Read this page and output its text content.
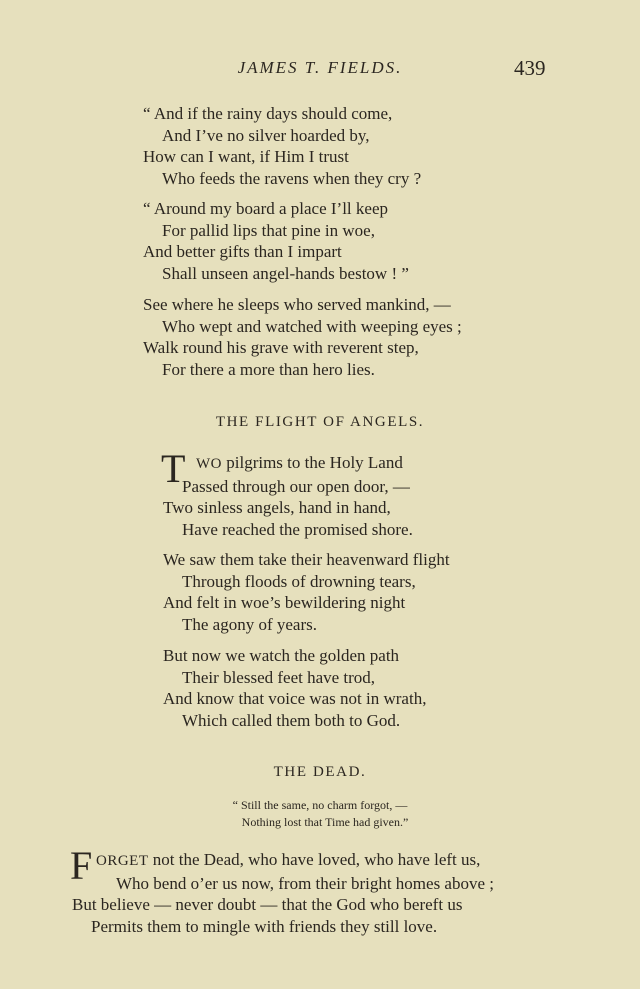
JAMES T. FIELDS.	439
“ And if the rainy days should come,
And I’ve no silver hoarded by,
How can I want, if Him I trust
Who feeds the ravens when they cry ?
“ Around my board a place I’ll keep
For pallid lips that pine in woe,
And better gifts than I impart
Shall unseen angel-hands bestow ! ”
See where he sleeps who served mankind, —
Who wept and watched with weeping eyes ;
Walk round his grave with reverent step,
For there a more than hero lies.
THE FLIGHT OF ANGELS.
T WO pilgrims to the Holy Land
Passed through our open door, —
Two sinless angels, hand in hand,
Have reached the promised shore.
We saw them take their heavenward flight
Through floods of drowning tears,
And felt in woe’s bewildering night
The agony of years.
But now we watch the golden path
Their blessed feet have trod,
And know that voice was not in wrath,
Which called them both to God.
THE DEAD.
“ Still the same, no charm forgot, —
Nothing lost that Time had given.”
F ORGET not the Dead, who have loved, who have left us,
Who bend o’er us now, from their bright homes above ;
But believe — never doubt — that the God who bereft us
Permits them to mingle with friends they still love.
